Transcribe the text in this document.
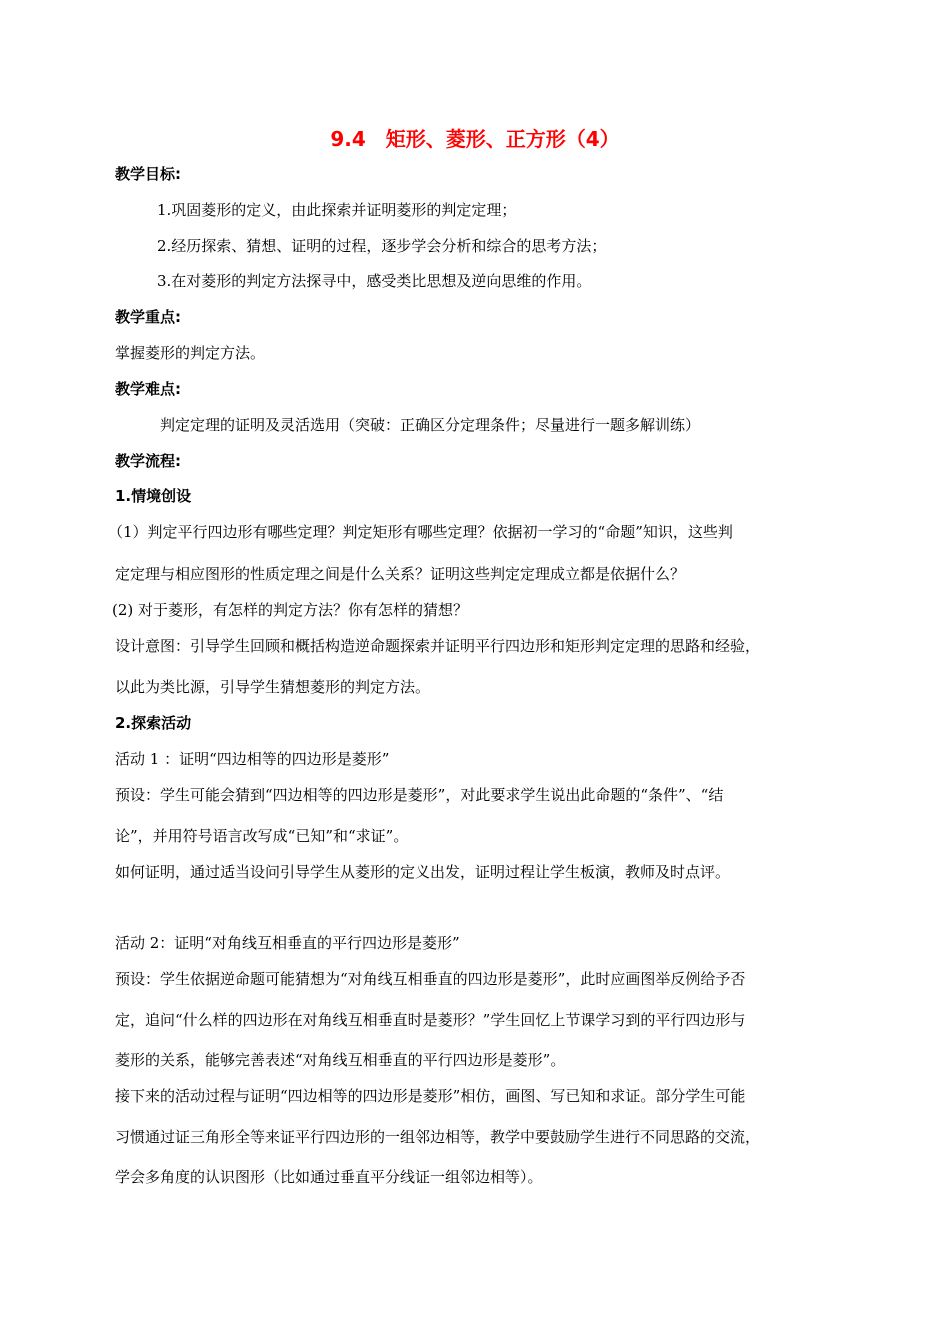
9.4　矩形、菱形、正方形（4）
教学目标:
1.巩固菱形的定义，由此探索并证明菱形的判定定理；
2.经历探索、猜想、证明的过程，逐步学会分析和综合的思考方法；
3.在对菱形的判定方法探寻中，感受类比思想及逆向思维的作用。
教学重点:
掌握菱形的判定方法。
教学难点:
判定定理的证明及灵活选用（突破：正确区分定理条件；尽量进行一题多解训练）
教学流程:
1.情境创设
（1）判定平行四边形有哪些定理？判定矩形有哪些定理？依据初一学习的“命题”知识，这些判
定定理与相应图形的性质定理之间是什么关系？证明这些判定定理成立都是依据什么？
(2) 对于菱形，有怎样的判定方法？你有怎样的猜想？
设计意图：引导学生回顾和概括构造逆命题探索并证明平行四边形和矩形判定定理的思路和经验，
以此为类比源，引导学生猜想菱形的判定方法。
2.探索活动
活动 1 ：证明“四边相等的四边形是菱形”
预设：学生可能会猜到“四边相等的四边形是菱形”，对此要求学生说出此命题的“条件”、“结
论”，并用符号语言改写成“已知”和“求证”。
如何证明，通过适当设问引导学生从菱形的定义出发，证明过程让学生板演，教师及时点评。
活动 2：证明“对角线互相垂直的平行四边形是菱形”
预设：学生依据逆命题可能猜想为“对角线互相垂直的四边形是菱形”，此时应画图举反例给予否
定，追问“什么样的四边形在对角线互相垂直时是菱形？”学生回忆上节课学习到的平行四边形与
菱形的关系，能够完善表述“对角线互相垂直的平行四边形是菱形”。
接下来的活动过程与证明“四边相等的四边形是菱形”相仿，画图、写已知和求证。部分学生可能
习惯通过证三角形全等来证平行四边形的一组邻边相等，教学中要鼓励学生进行不同思路的交流，
学会多角度的认识图形（比如通过垂直平分线证一组邻边相等）。
